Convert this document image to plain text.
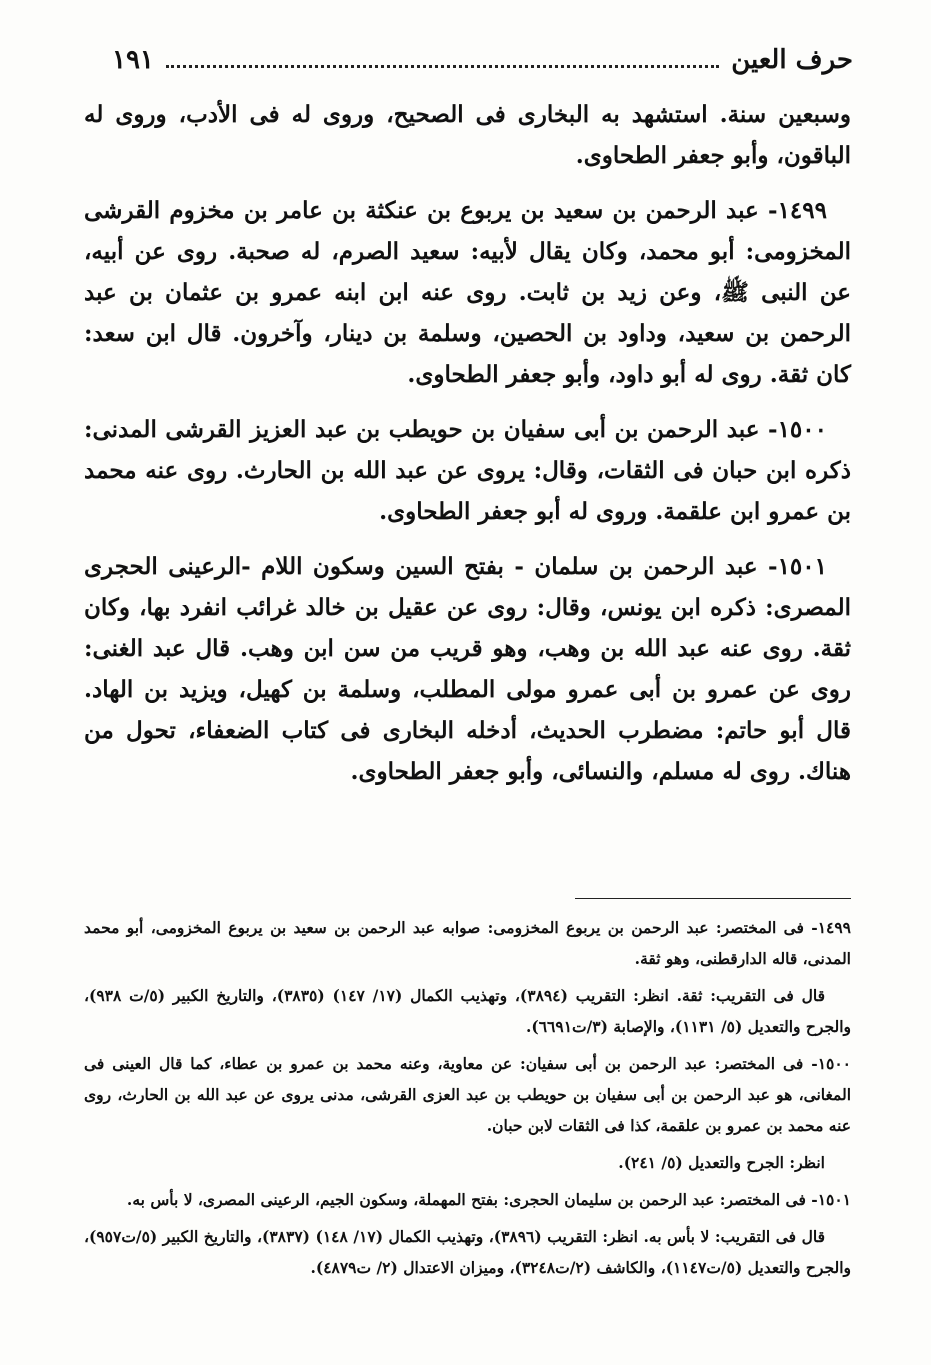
حرف العين
١٩١

وسبعين سنة. استشهد به البخارى فى الصحيح، وروى له فى الأدب، وروى له الباقون، وأبو جعفر الطحاوى.

١٤٩٩- عبد الرحمن بن سعيد بن يربوع بن عنكثة بن عامر بن مخزوم القرشى المخزومى: أبو محمد، وكان يقال لأبيه: سعيد الصرم، له صحبة. روى عن أبيه، عن النبى ﷺ، وعن زيد بن ثابت. روى عنه ابن ابنه عمرو بن عثمان بن عبد الرحمن بن سعيد، وداود بن الحصين، وسلمة بن دينار، وآخرون. قال ابن سعد: كان ثقة. روى له أبو داود، وأبو جعفر الطحاوى.

١٥٠٠- عبد الرحمن بن أبى سفيان بن حويطب بن عبد العزيز القرشى المدنى: ذكره ابن حبان فى الثقات، وقال: يروى عن عبد الله بن الحارث. روى عنه محمد بن عمرو ابن علقمة. وروى له أبو جعفر الطحاوى.

١٥٠١- عبد الرحمن بن سلمان - بفتح السين وسكون اللام -الرعينى الحجرى المصرى: ذكره ابن يونس، وقال: روى عن عقيل بن خالد غرائب انفرد بها، وكان ثقة. روى عنه عبد الله بن وهب، وهو قريب من سن ابن وهب. قال عبد الغنى: روى عن عمرو بن أبى عمرو مولى المطلب، وسلمة بن كهيل، ويزيد بن الهاد. قال أبو حاتم: مضطرب الحديث، أدخله البخارى فى كتاب الضعفاء، تحول من هناك. روى له مسلم، والنسائى، وأبو جعفر الطحاوى.

١٤٩٩- فى المختصر: عبد الرحمن بن يربوع المخزومى: صوابه عبد الرحمن بن سعيد بن يربوع المخزومى، أبو محمد المدنى، قاله الدارقطنى، وهو ثقة.

قال فى التقريب: ثقة. انظر: التقريب (٣٨٩٤)، وتهذيب الكمال (١٧/ ١٤٧) (٣٨٣٥)، والتاريخ الكبير (٥/ت ٩٣٨)، والجرح والتعديل (٥/ ١١٣١)، والإصابة (٣/ت٦٦٩١).

١٥٠٠- فى المختصر: عبد الرحمن بن أبى سفيان: عن معاوية، وعنه محمد بن عمرو بن عطاء، كما قال العينى فى المغانى، هو عبد الرحمن بن أبى سفيان بن حويطب بن عبد العزى القرشى، مدنى يروى عن عبد الله بن الحارث، روى عنه محمد بن عمرو بن علقمة، كذا فى الثقات لابن حبان.

انظر: الجرح والتعديل (٥/ ٢٤١).

١٥٠١- فى المختصر: عبد الرحمن بن سليمان الحجرى: بفتح المهملة، وسكون الجيم، الرعينى المصرى، لا بأس به.

قال فى التقريب: لا بأس به. انظر: التقريب (٣٨٩٦)، وتهذيب الكمال (١٧/ ١٤٨) (٣٨٣٧)، والتاريخ الكبير (٥/ت٩٥٧)، والجرح والتعديل (٥/ت١١٤٧)، والكاشف (٢/ت٣٢٤٨)، وميزان الاعتدال (٢/ ت٤٨٧٩).
